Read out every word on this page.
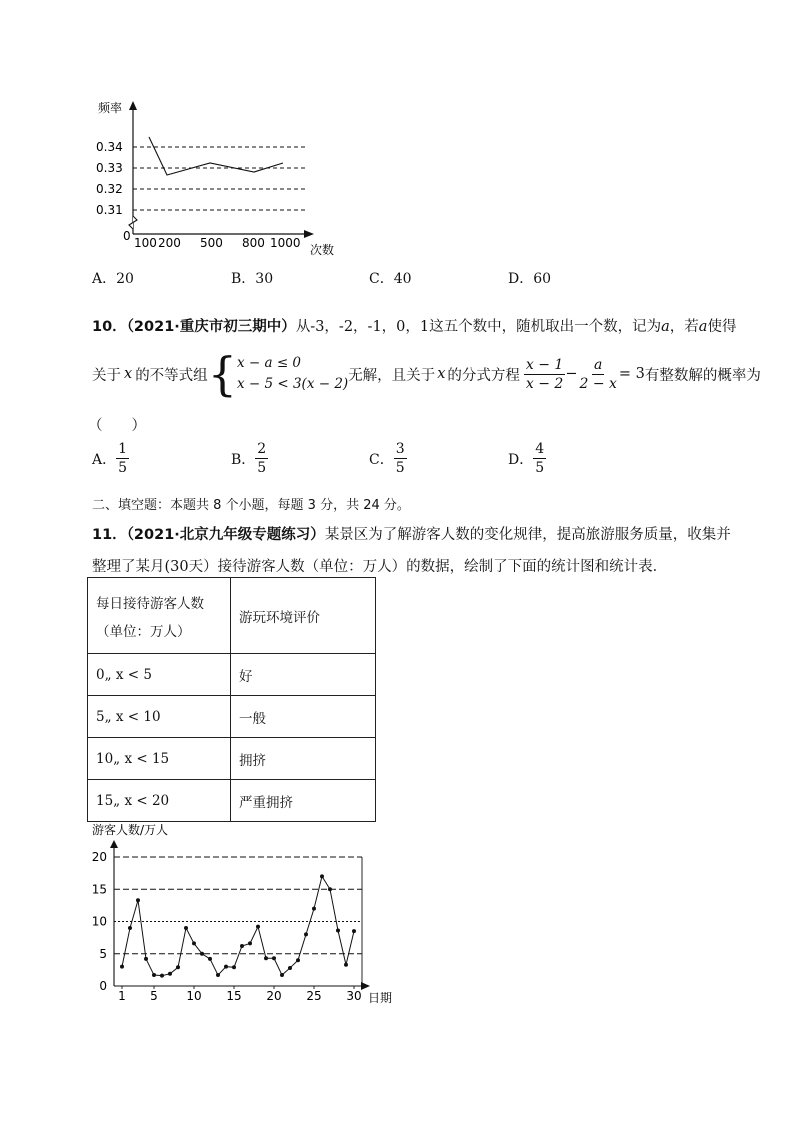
频率
0.34
0.33
0.32
0.31
0 100 200 500 800 1000 次数
A．20	B．30	C．40	D．60
10．（2021·重庆市初三期中）从-3，-2，-1，0，1这五个数中，随机取出一个数，记为a，若a使得
关于 x 的不等式组 { x − a ≤ 0
x − 5 < 3(x − 2)
无解，且关于 x 的分式方程 $\frac{x - 1}{x - 2} - \frac{a}{2 - x} = 3$ 有整数解的概率为
（　　）
A． $\frac{1}{5}$	B． $\frac{2}{5}$	C． $\frac{3}{5}$	D． $\frac{4}{5}$
二、填空题：本题共 8 个小题，每题 3 分，共 24 分。
11．（2021·北京九年级专题练习）某景区为了解游客人数的变化规律，提高旅游服务质量，收集并
整理了某月(30天）接待游客人数（单位：万人）的数据，绘制了下面的统计图和统计表．
每日接待游客人数
（单位：万人）	游玩环境评价
0„ x < 5	好
5„ x < 10	一般
10„ x < 15	拥挤
15„ x < 20	严重拥挤
游客人数/万人
0
5
10
15
20
1 5 10 15 20 25 30 日期
